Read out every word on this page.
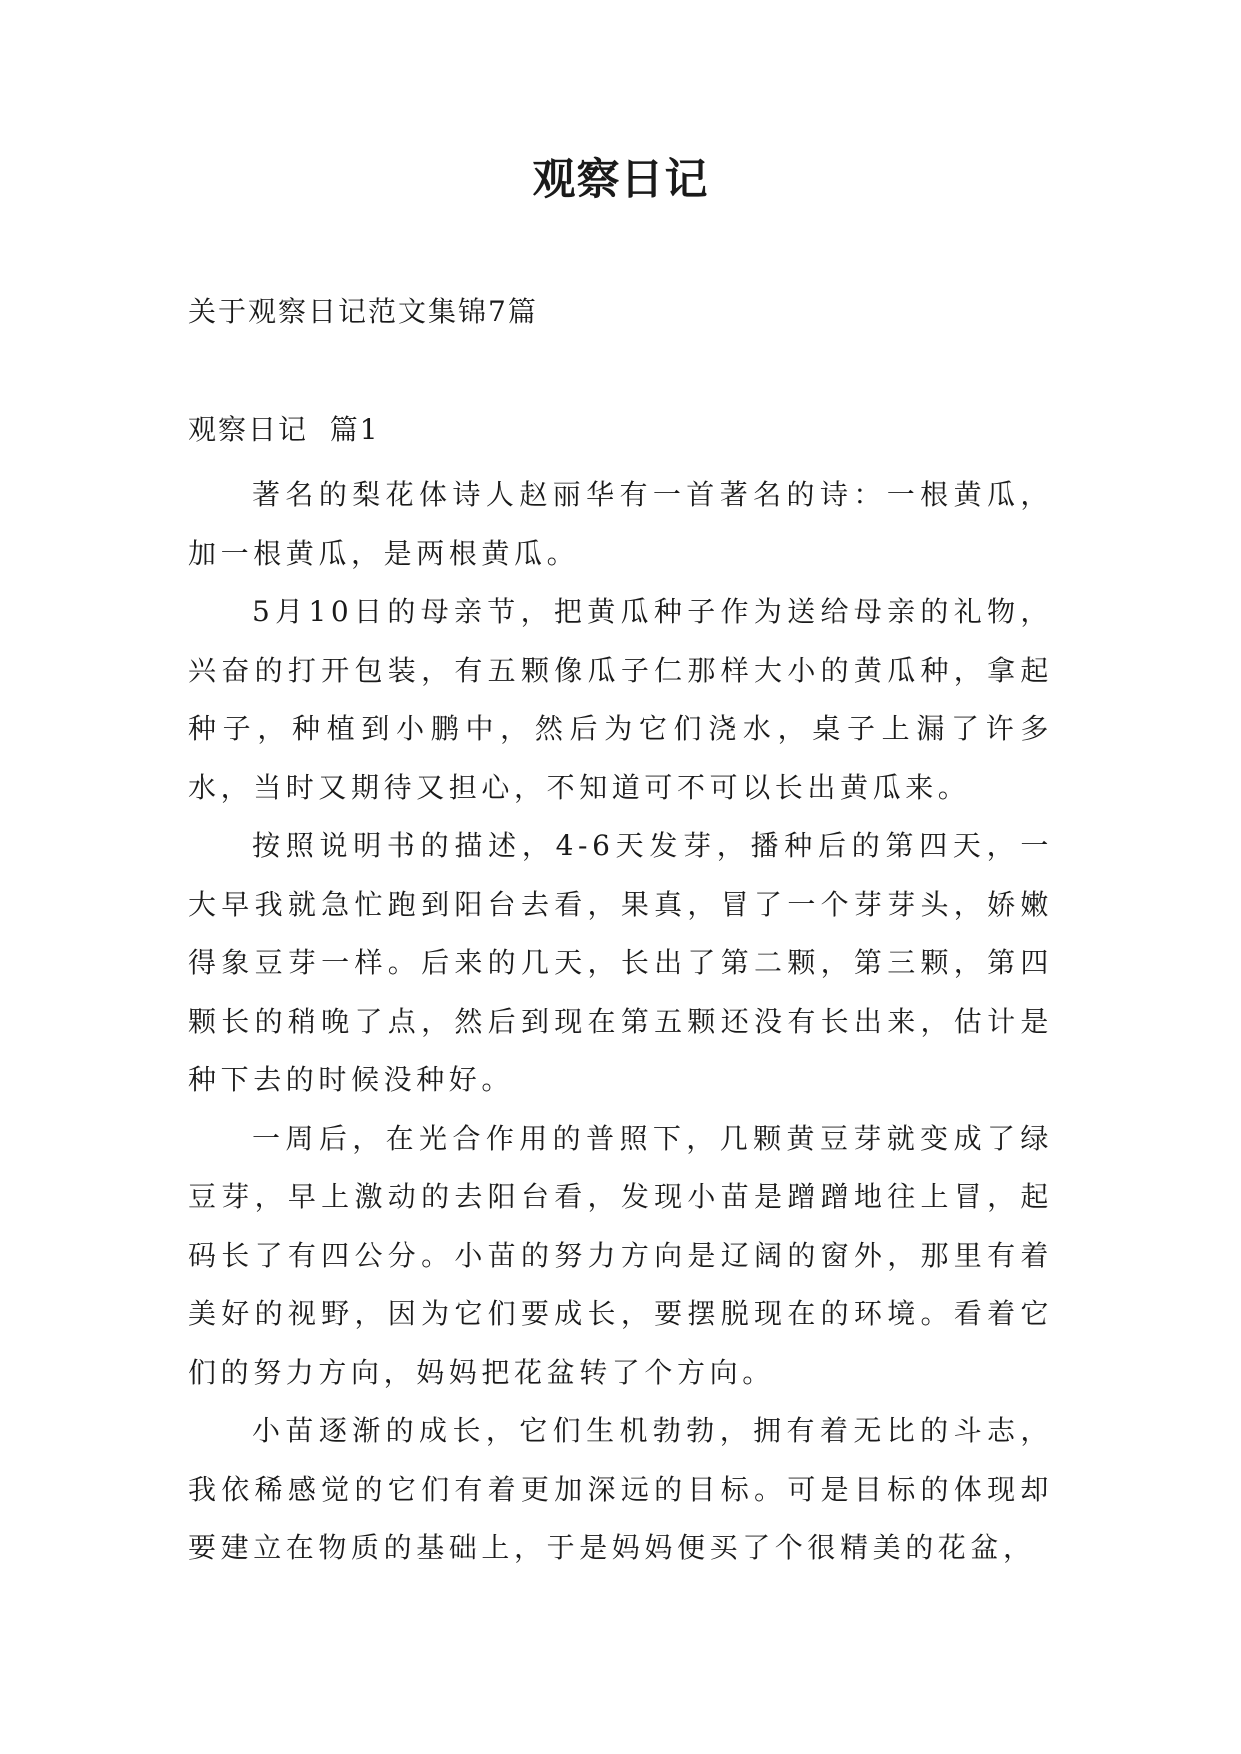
观察日记
关于观察日记范文集锦7篇
观察日记  篇1

著名的梨花体诗人赵丽华有一首著名的诗：一根黄瓜，加一根黄瓜，是两根黄瓜。

5月10日的母亲节，把黄瓜种子作为送给母亲的礼物，兴奋的打开包装，有五颗像瓜子仁那样大小的黄瓜种，拿起种子，种植到小鹏中，然后为它们浇水，桌子上漏了许多水，当时又期待又担心，不知道可不可以长出黄瓜来。

按照说明书的描述，4-6天发芽，播种后的第四天，一大早我就急忙跑到阳台去看，果真，冒了一个芽芽头，娇嫩得象豆芽一样。后来的几天，长出了第二颗，第三颗，第四颗长的稍晚了点，然后到现在第五颗还没有长出来，估计是种下去的时候没种好。

一周后，在光合作用的普照下，几颗黄豆芽就变成了绿豆芽，早上激动的去阳台看，发现小苗是蹭蹭地往上冒，起码长了有四公分。小苗的努力方向是辽阔的窗外，那里有着美好的视野，因为它们要成长，要摆脱现在的环境。看着它们的努力方向，妈妈把花盆转了个方向。

小苗逐渐的成长，它们生机勃勃，拥有着无比的斗志，我依稀感觉的它们有着更加深远的目标。可是目标的体现却要建立在物质的基础上，于是妈妈便买了个很精美的花盆，
